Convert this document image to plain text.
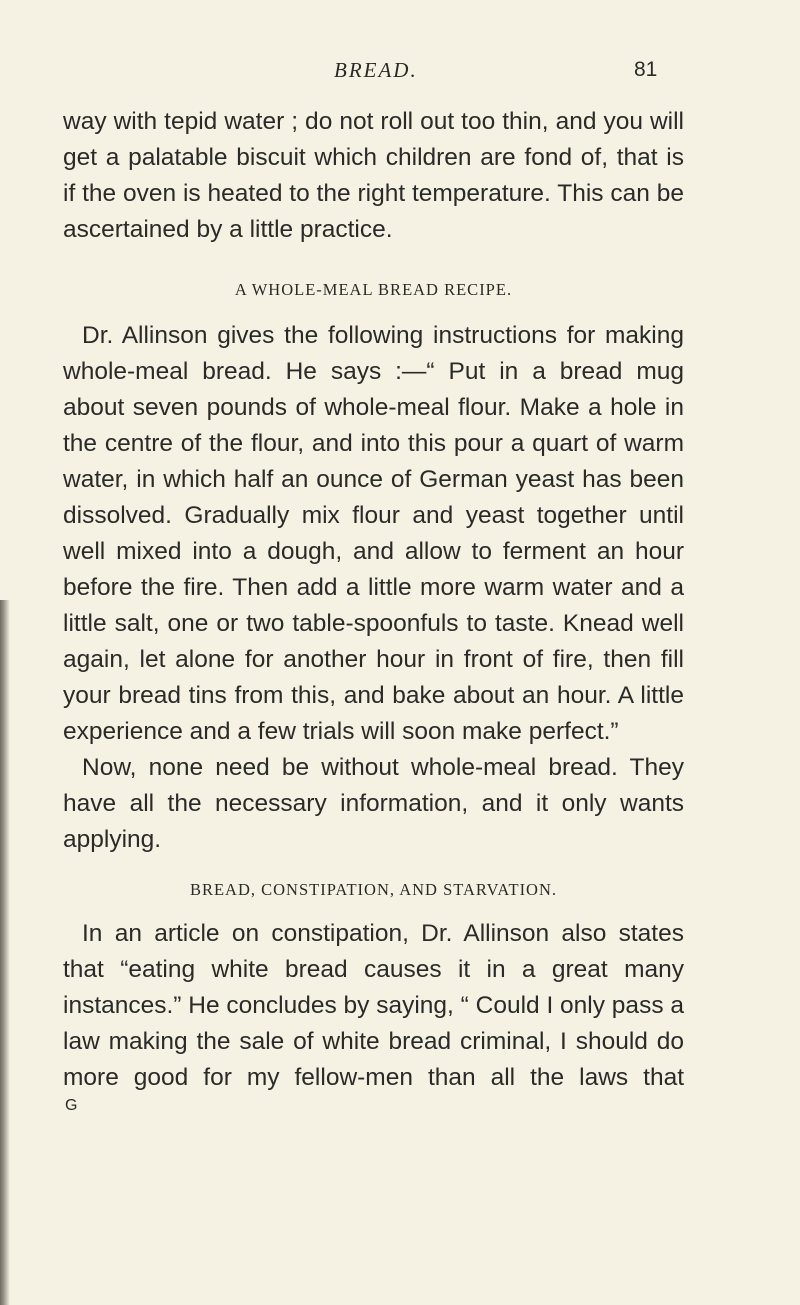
BREAD.	81

way with tepid water ; do not roll out too thin, and you will get a palatable biscuit which children are fond of, that is if the oven is heated to the right temperature. This can be ascertained by a little practice.

A WHOLE-MEAL BREAD RECIPE.

Dr. Allinson gives the following instructions for making whole-meal bread. He says :—“ Put in a bread mug about seven pounds of whole-meal flour. Make a hole in the centre of the flour, and into this pour a quart of warm water, in which half an ounce of German yeast has been dissolved. Gradually mix flour and yeast together until well mixed into a dough, and allow to ferment an hour before the fire. Then add a little more warm water and a little salt, one or two table-spoonfuls to taste. Knead well again, let alone for another hour in front of fire, then fill your bread tins from this, and bake about an hour. A little experience and a few trials will soon make perfect.”

Now, none need be without whole-meal bread. They have all the necessary information, and it only wants applying.

BREAD, CONSTIPATION, AND STARVATION.

In an article on constipation, Dr. Allinson also states that “eating white bread causes it in a great many instances.” He concludes by saying, “ Could I only pass a law making the sale of white bread criminal, I should do more good for my fellow-men than all the laws that

G
